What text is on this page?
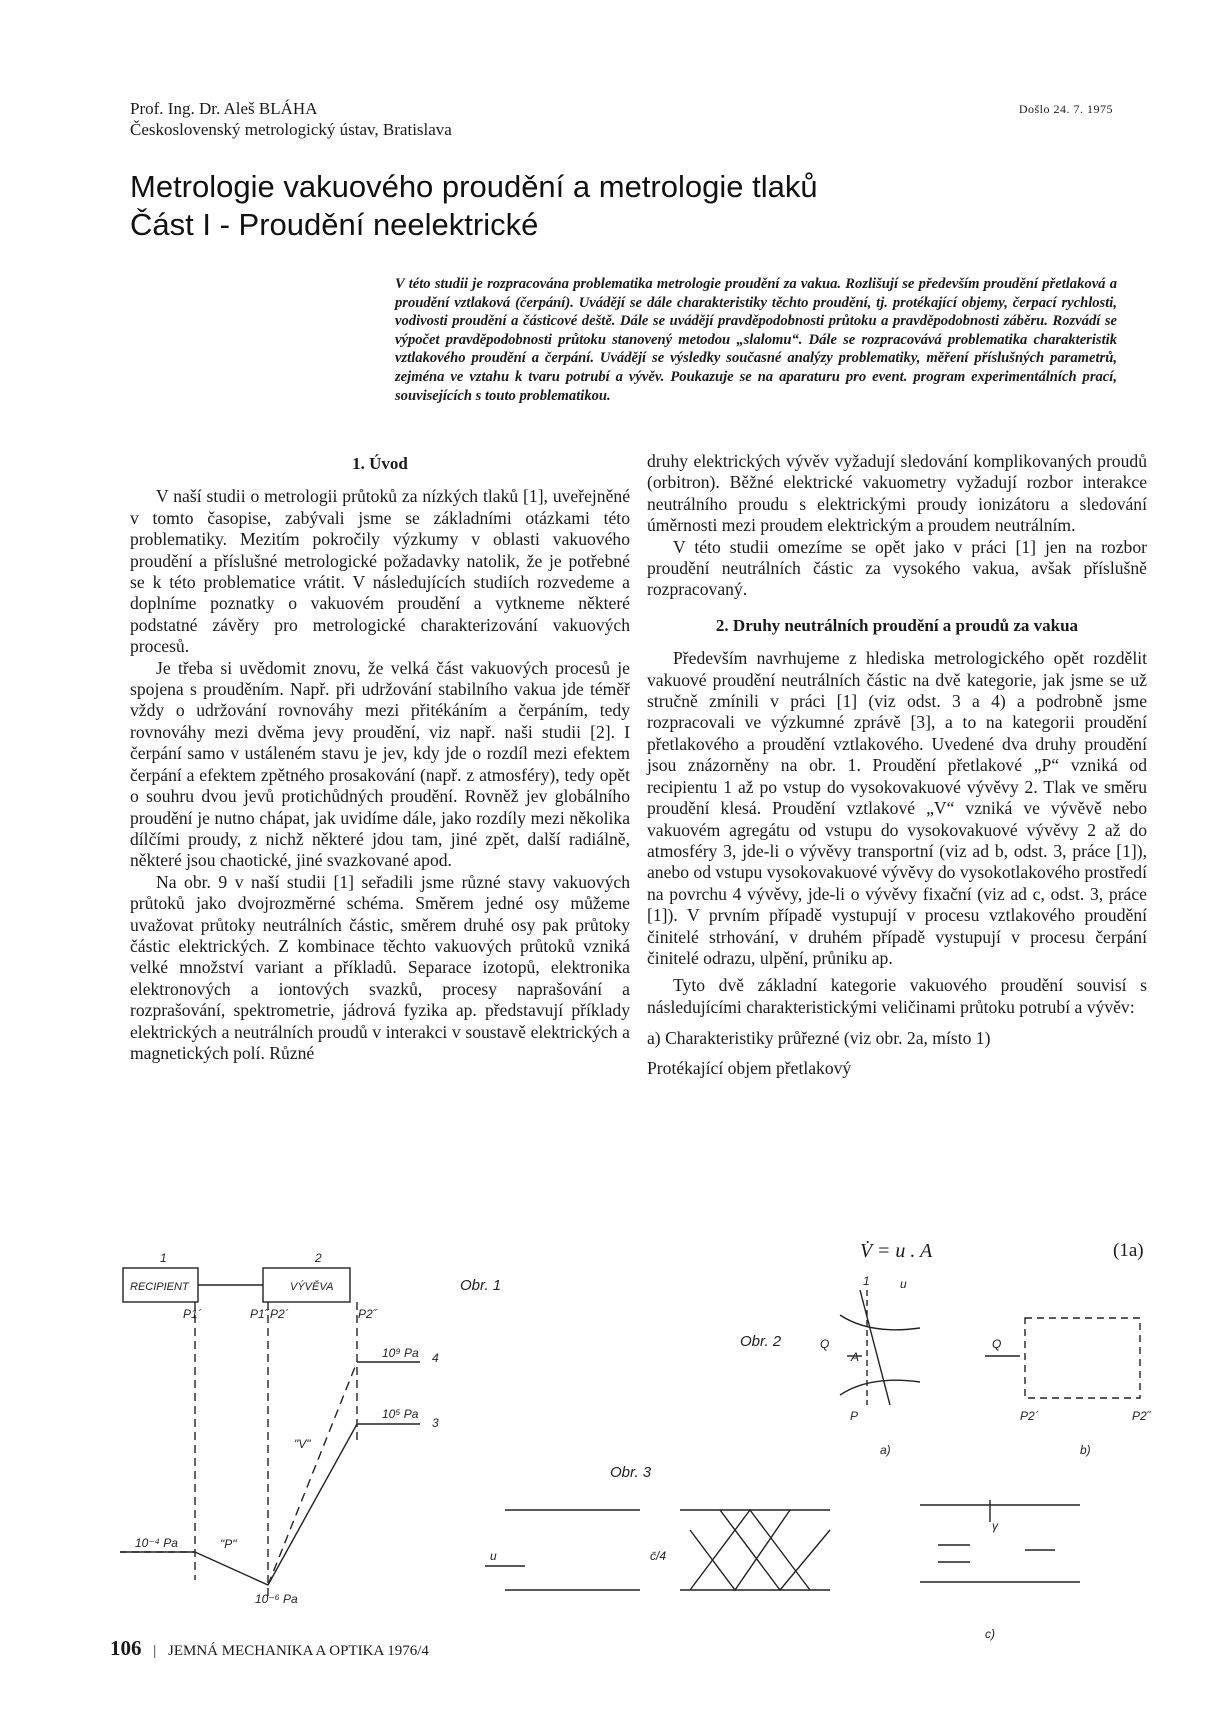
Prof. Ing. Dr. Aleš BLÁHA
Československý metrologický ústav, Bratislava
Došlo 24. 7. 1975
Metrologie vakuového proudění a metrologie tlaků
Část I - Proudění neelektrické
V této studii je rozpracována problematika metrologie proudění za vakua. Rozlišují se především proudění přetlaková a proudění vztlaková (čerpání). Uvádějí se dále charakteristiky těchto proudění, tj. protékající objemy, čerpací rychlosti, vodivosti proudění a částicové deště. Dále se uvádějí pravděpodobnosti průtoku a pravděpodobnosti záběru. Rozvádí se výpočet pravděpodobnosti průtoku stanovený metodou „slalomu“. Dále se rozpracovává problematika charakteristik vztlakového proudění a čerpání. Uvádějí se výsledky současné analýzy problematiky, měření příslušných parametrů, zejména ve vztahu k tvaru potrubí a vývěv. Poukazuje se na aparaturu pro event. program experimentálních prací, souvisejících s touto problematikou.
1. Úvod

V naší studii o metrologii průtoků za nízkých tlaků [1], uveřejněné v tomto časopise, zabývali jsme se základními otázkami této problematiky. Mezitím pokročily výzkumy v oblasti vakuového proudění a příslušné metrologické požadavky natolik, že je potřebné se k této problematice vrátit. V následujících studiích rozvedeme a doplníme poznatky o vakuovém proudění a vytkneme některé podstatné závěry pro metrologické charakterizování vakuových procesů.

Je třeba si uvědomit znovu, že velká část vakuových procesů je spojena s prouděním. Např. při udržování stabilního vakua jde téměř vždy o udržování rovnováhy mezi přitékáním a čerpáním, tedy rovnováhy mezi dvěma jevy proudění, viz např. naši studii [2]. I čerpání samo v ustáleném stavu je jev, kdy jde o rozdíl mezi efektem čerpání a efektem zpětného prosakování (např. z atmosféry), tedy opět o souhru dvou jevů protichůdných proudění. Rovněž jev globálního proudění je nutno chápat, jak uvidíme dále, jako rozdíly mezi několika dílčími proudy, z nichž některé jdou tam, jiné zpět, další radiálně, některé jsou chaotické, jiné svazkované apod.

Na obr. 9 v naší studii [1] seřadili jsme různé stavy vakuových průtoků jako dvojrozměrné schéma. Směrem jedné osy můžeme uvažovat průtoky neutrálních částic, směrem druhé osy pak průtoky částic elektrických. Z kombinace těchto vakuových průtoků vzniká velké množství variant a příkladů. Separace izotopů, elektronika elektronových a iontových svazků, procesy naprašování a rozprašování, spektrometrie, jádrová fyzika ap. představují příklady elektrických a neutrálních proudů v interakci v soustavě elektrických a magnetických polí. Různé

druhy elektrických vývěv vyžadují sledování komplikovaných proudů (orbitron). Běžné elektrické vakuometry vyžadují rozbor interakce neutrálního proudu s elektrickými proudy ionizátoru a sledování úměrnosti mezi proudem elektrickým a proudem neutrálním.

V této studii omezíme se opět jako v práci [1] jen na rozbor proudění neutrálních částic za vysokého vakua, avšak příslušně rozpracovaný.

2. Druhy neutrálních proudění a proudů za vakua

Především navrhujeme z hlediska metrologického opět rozdělit vakuové proudění neutrálních částic na dvě kategorie, jak jsme se už stručně zmínili v práci [1] (viz odst. 3 a 4) a podrobně jsme rozpracovali ve výzkumné zprávě [3], a to na kategorii proudění přetlakového a proudění vztlakového. Uvedené dva druhy proudění jsou znázorněny na obr. 1. Proudění přetlakové „P“ vzniká od recipientu 1 až po vstup do vysokovakuové vývěvy 2. Tlak ve směru proudění klesá. Proudění vztlakové „V“ vzniká ve vývěvě nebo vakuovém agregátu od vstupu do vysokovakuové vývěvy 2 až do atmosféry 3, jde-li o vývěvy transportní (viz ad b, odst. 3, práce [1]), anebo od vstupu vysokovakuové vývěvy do vysokotlakového prostředí na povrchu 4 vývěvy, jde-li o vývěvy fixační (viz ad c, odst. 3, práce [1]). V prvním případě vystupují v procesu vztlakového proudění činitelé strhování, v druhém případě vystupují v procesu čerpání činitelé odrazu, ulpění, průniku ap.

Tyto dvě základní kategorie vakuového proudění souvisí s následujícími charakteristickými veličinami průtoku potrubí a vývěv:

a) Charakteristiky průřezné (viz obr. 2a, místo 1)

Protékající objem přetlakový

V̇ = u . A	(1a)
1	2
RECIPIENT	VÝVĚVA
P1´	P1˝ P2´	P2˝
10⁹ Pa
10⁵ Pa
4
3
"V"
"P"
10⁻⁴ Pa
10⁻⁶ Pa
Obr. 1
Obr. 2	Q
A
1	u
P
Q
P2´	P2˝
a)	b)
Obr. 3
u	c̄/4
c)
γ
106 | JEMNÁ MECHANIKA A OPTIKA 1976/4
